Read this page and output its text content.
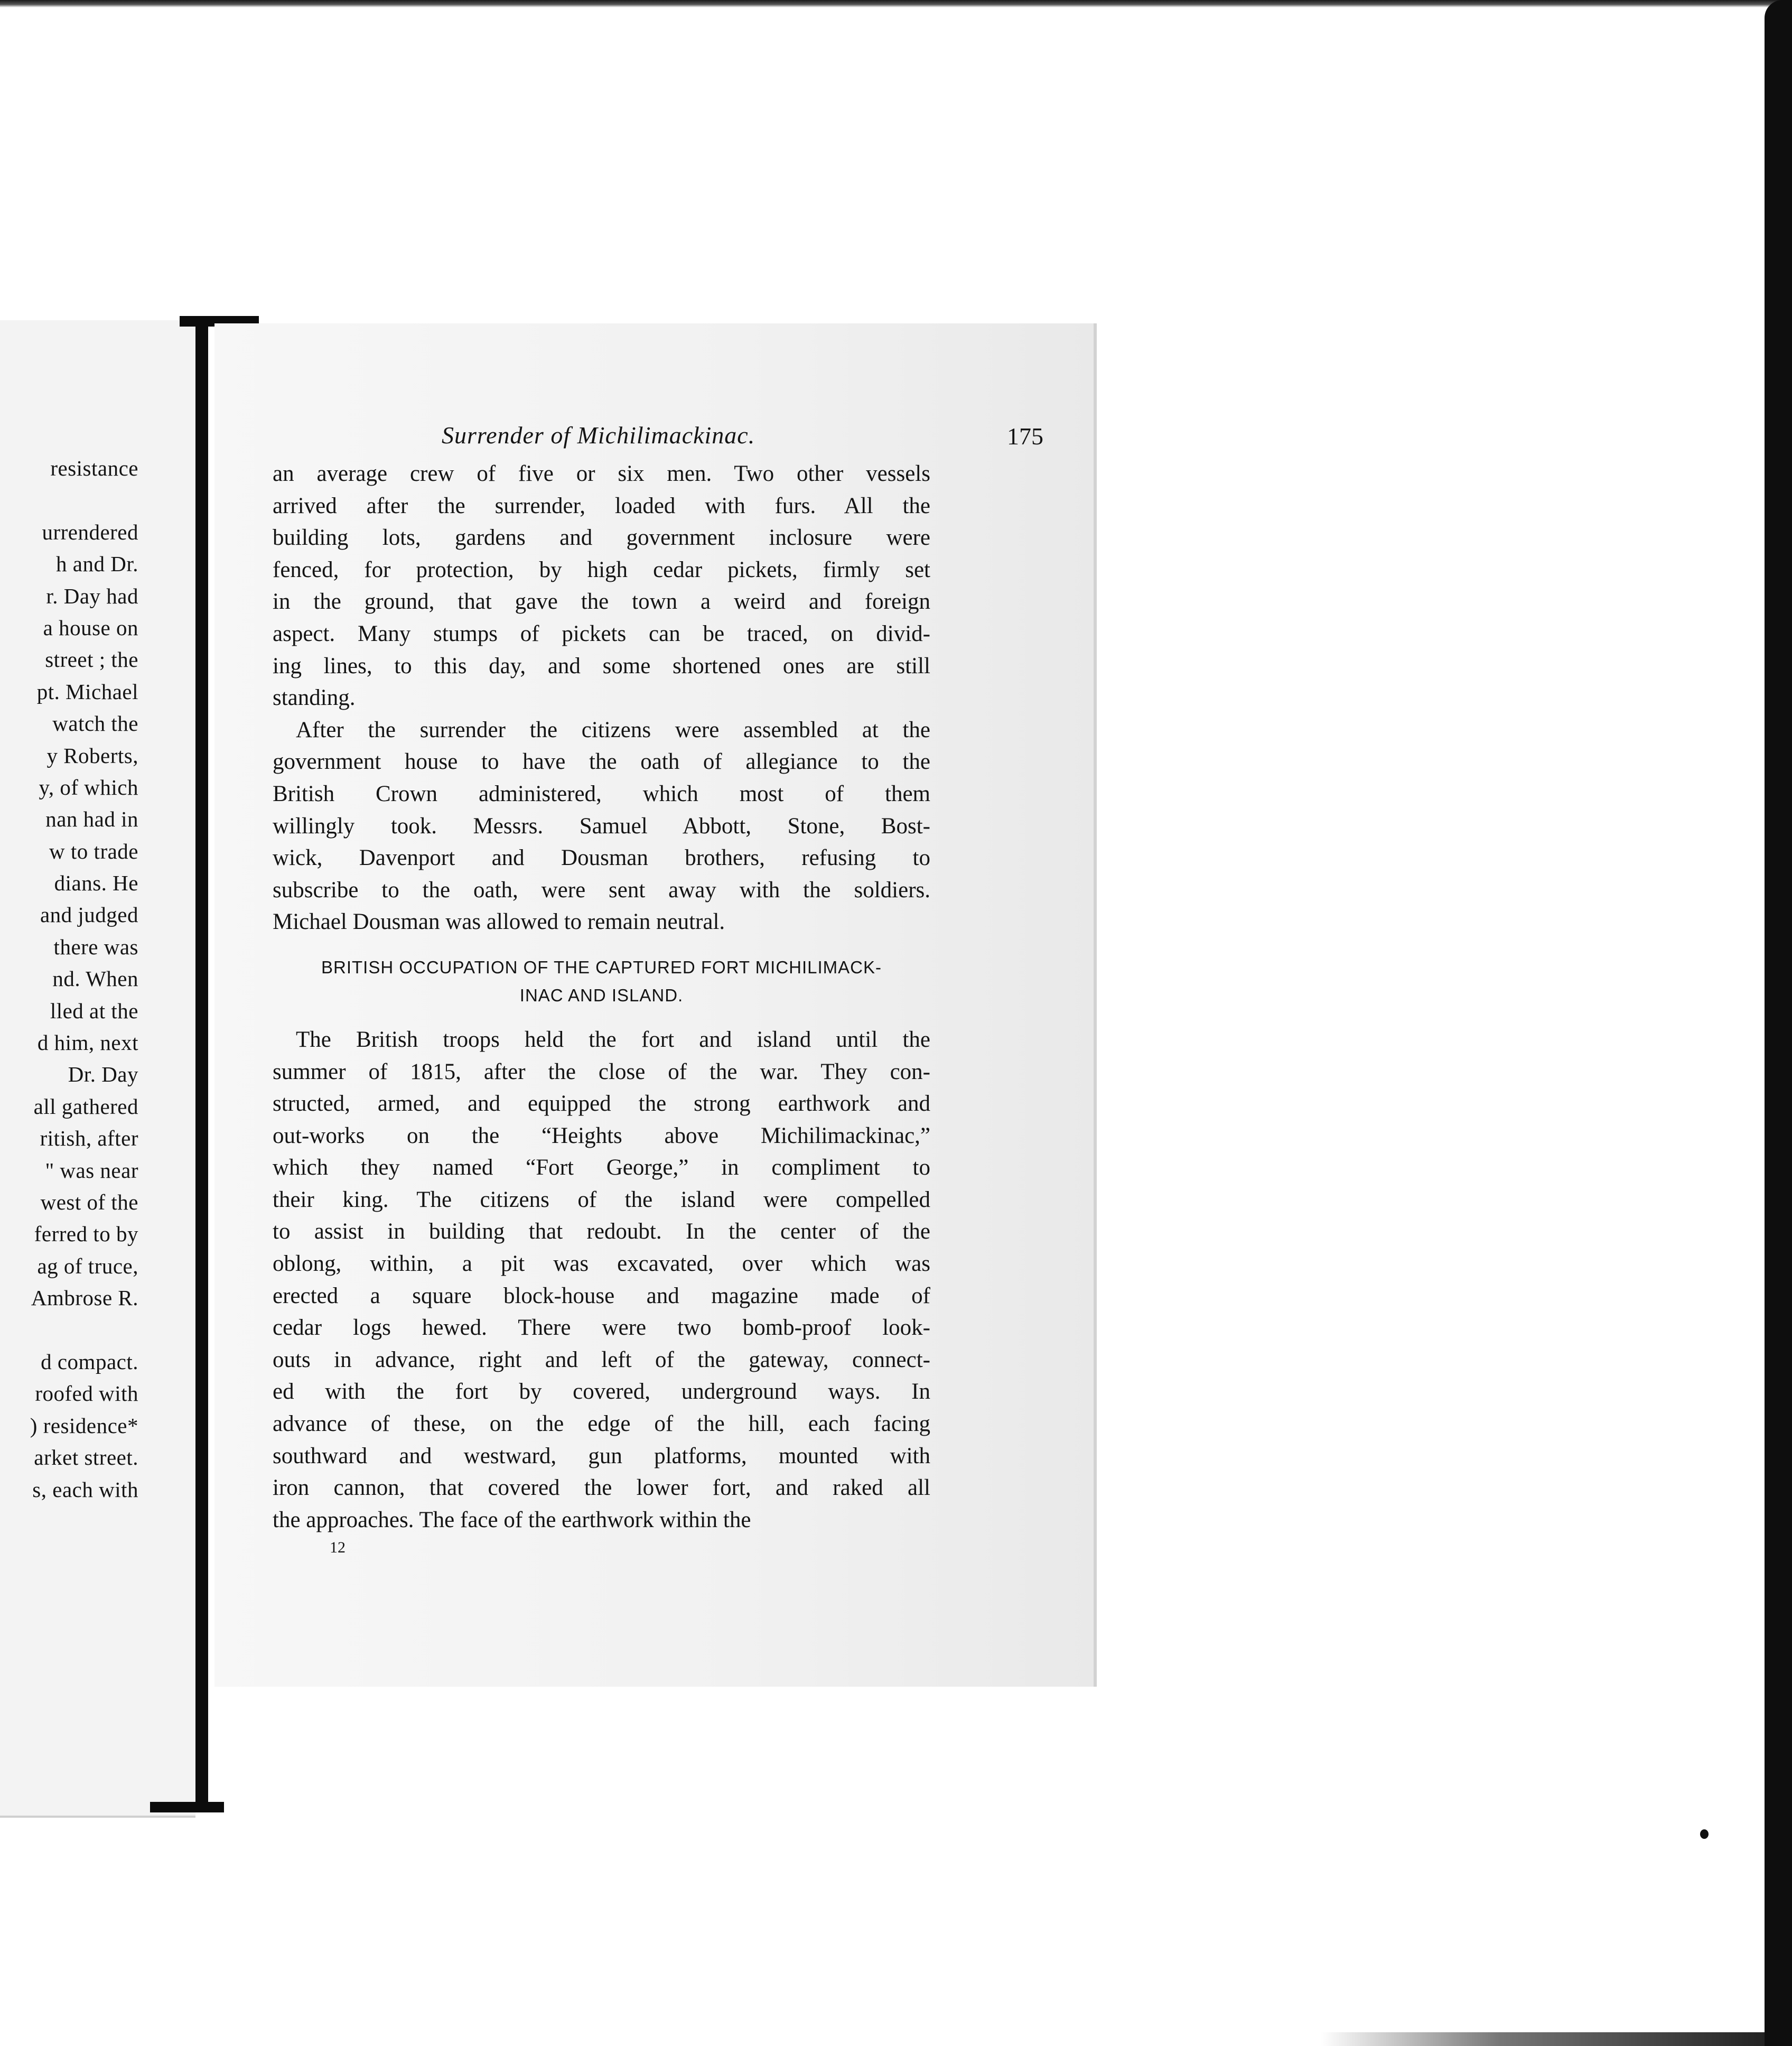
resistance
urrendered
h and Dr.
r. Day had
a house on
street ; the
pt. Michael
watch the
y Roberts,
y, of which
nan had in
w to trade
dians. He
and judged
there was
nd. When
lled at the
d him, next
Dr. Day
all gathered
ritish, after
" was near
west of the
ferred to by
ag of truce,
Ambrose R.
d compact.
roofed with
) residence*
arket street.
s, each with
Surrender of Michilimackinac.	175
an average crew of five or six men. Two other vessels
arrived after the surrender, loaded with furs. All the
building lots, gardens and government inclosure were
fenced, for protection, by high cedar pickets, firmly set
in the ground, that gave the town a weird and foreign
aspect. Many stumps of pickets can be traced, on divid-
ing lines, to this day, and some shortened ones are still
standing.
After the surrender the citizens were assembled at the
government house to have the oath of allegiance to the
British Crown administered, which most of them
willingly took. Messrs. Samuel Abbott, Stone, Bost-
wick, Davenport and Dousman brothers, refusing to
subscribe to the oath, were sent away with the soldiers.
Michael Dousman was allowed to remain neutral.
BRITISH OCCUPATION OF THE CAPTURED FORT MICHILIMACK-
INAC AND ISLAND.
The British troops held the fort and island until the
summer of 1815, after the close of the war. They con-
structed, armed, and equipped the strong earthwork and
out-works on the “Heights above Michilimackinac,”
which they named “Fort George,” in compliment to
their king. The citizens of the island were compelled
to assist in building that redoubt. In the center of the
oblong, within, a pit was excavated, over which was
erected a square block-house and magazine made of
cedar logs hewed. There were two bomb-proof look-
outs in advance, right and left of the gateway, connect-
ed with the fort by covered, underground ways. In
advance of these, on the edge of the hill, each facing
southward and westward, gun platforms, mounted with
iron cannon, that covered the lower fort, and raked all
the approaches. The face of the earthwork within the
12
